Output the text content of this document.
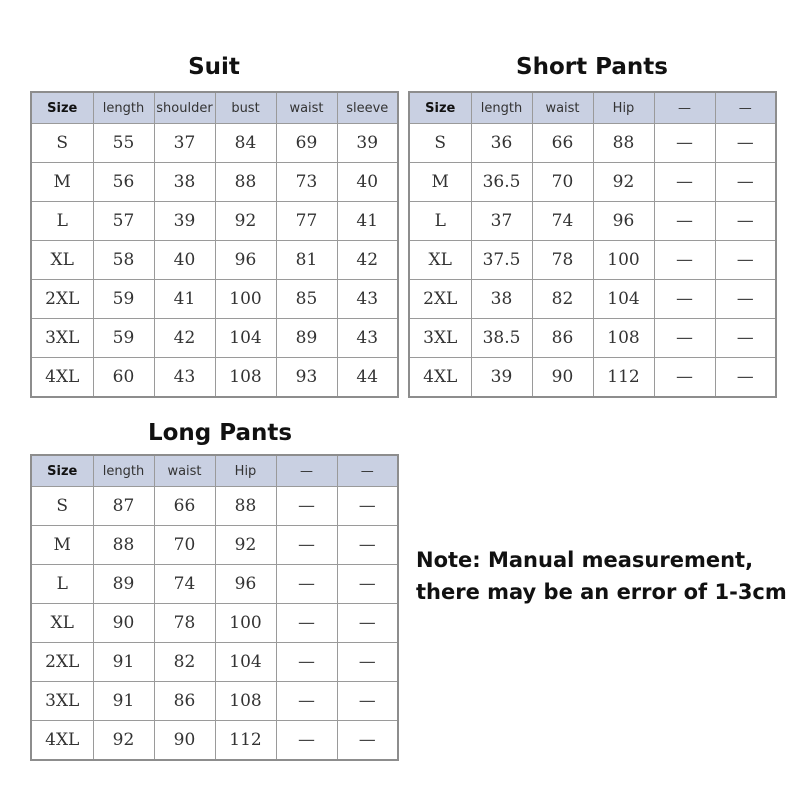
Suit
Size	length	shoulder	bust	waist	sleeve
S	55	37	84	69	39
M	56	38	88	73	40
L	57	39	92	77	41
XL	58	40	96	81	42
2XL	59	41	100	85	43
3XL	59	42	104	89	43
4XL	60	43	108	93	44
Short Pants
Size	length	waist	Hip	—	—
S	36	66	88	—	—
M	36.5	70	92	—	—
L	37	74	96	—	—
XL	37.5	78	100	—	—
2XL	38	82	104	—	—
3XL	38.5	86	108	—	—
4XL	39	90	112	—	—
Long Pants
Size	length	waist	Hip	—	—
S	87	66	88	—	—
M	88	70	92	—	—
L	89	74	96	—	—
XL	90	78	100	—	—
2XL	91	82	104	—	—
3XL	91	86	108	—	—
4XL	92	90	112	—	—
Note: Manual measurement,
there may be an error of 1-3cm
